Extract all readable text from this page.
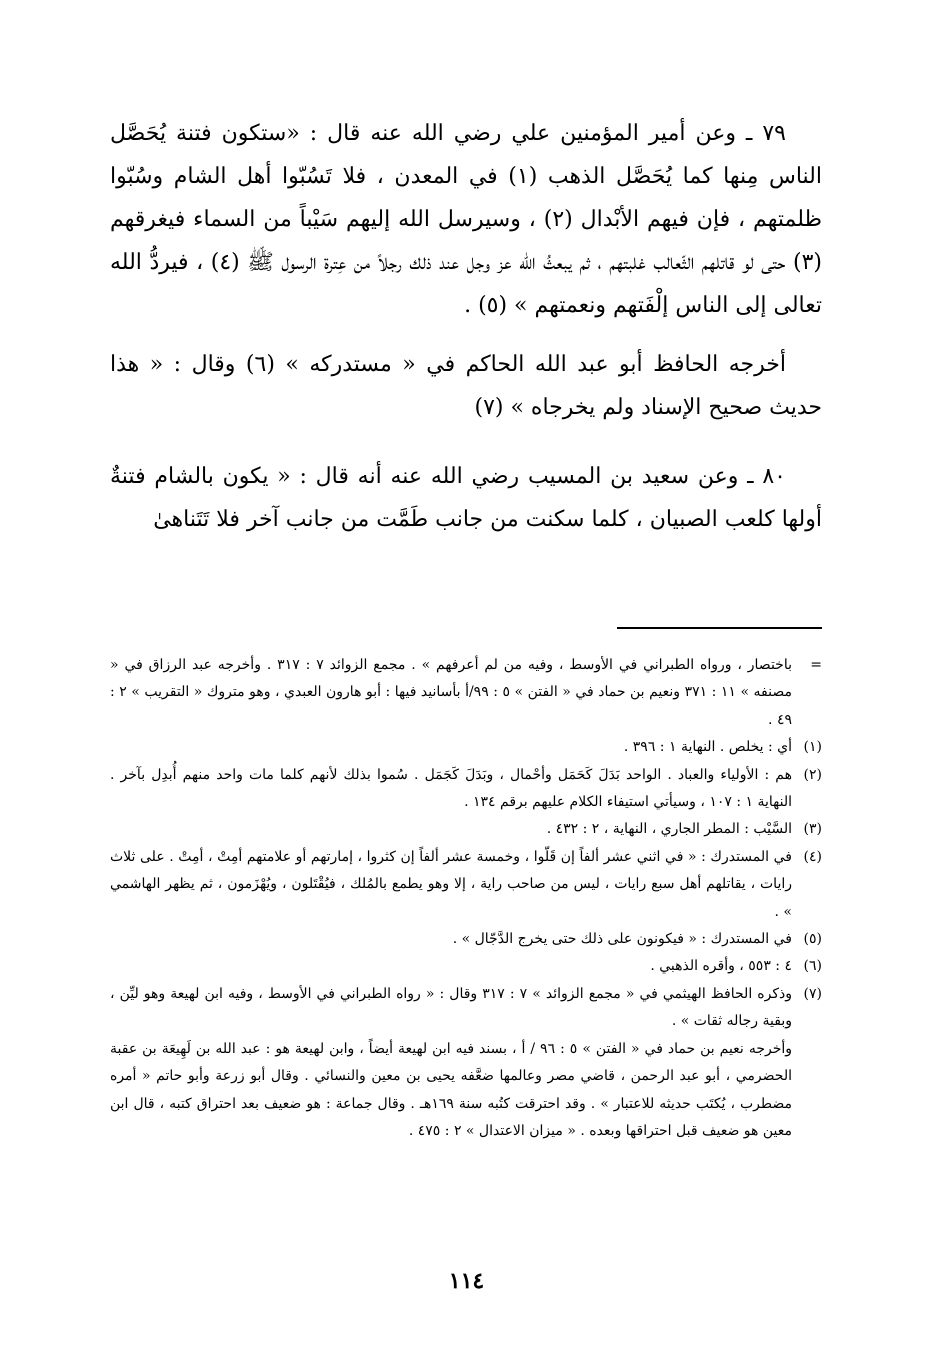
٧٩ ـ وعن أمير المؤمنين علي رضي الله عنه قال : «ستكون فتنة يُحَصَّل الناس مِنها كما يُحَصَّل الذهب (١) في المعدن ، فلا تَسُبّوا أهل الشام وسُبّوا ظلمتهم ، فإن فيهم الأبْدال (٢) ، وسيرسل الله إليهم سَيْباً من السماء فيغرقهم (٣) حتى لو قاتلهم الثّعالب غلبتهم ، ثم يبعثُ الله عز وجل عند ذلك رجلاً من عِترة الرسول ﷺ (٤) ، فيردُّ الله تعالى إلى الناس إلْفَتهم ونعمتهم » (٥) .

أخرجه الحافظ أبو عبد الله الحاكم في « مستدركه » (٦) وقال : « هذا حديث صحيح الإسناد ولم يخرجاه » (٧)

٨٠ ـ وعن سعيد بن المسيب رضي الله عنه أنه قال : « يكون بالشام فتنةٌ أولها كلعب الصبيان ، كلما سكنت من جانب طَمَّت من جانب آخر فلا تَتَناهىٰ

=
باختصار ، ورواه الطبراني في الأوسط ، وفيه من لم أعرفهم » . مجمع الزوائد ٧ : ٣١٧ . وأخرجه عبد الرزاق في « مصنفه » ١١ : ٣٧١ ونعيم بن حماد في « الفتن » ٥ : ٩٩/أ بأسانيد فيها : أبو هارون العبدي ، وهو متروك « التقريب » ٢ : ٤٩ .
(١)
أي : يخلص . النهاية ١ : ٣٩٦ .
(٢)
هم : الأولياء والعباد . الواحد بَدَلَ كَحَمَل وأحْمال ، وبَدَلَ كَجَمَل . سُموا بذلك لأنهم كلما مات واحد منهم أُبدِل بآخر . النهاية ١ : ١٠٧ ، وسيأتي استيفاء الكلام عليهم برقم ١٣٤ .
(٣)
السَّيْب : المطر الجاري ، النهاية ، ٢ : ٤٣٢ .
(٤)
في المستدرك : « في اثني عشر ألفاً إن قَلّوا ، وخمسة عشر ألفاً إن كثروا ، إمارتهم أو علامتهم أمِتْ ، أمِتْ . على ثلاث رايات ، يقاتلهم أهل سبع رايات ، ليس من صاحب راية ، إلا وهو يطمع بالمُلك ، فيُقْتَلون ، ويُهْزَمون ، ثم يظهر الهاشمي » .
(٥)
في المستدرك : « فيكونون على ذلك حتى يخرج الدَّجّال » .
(٦)
٤ : ٥٥٣ ، وأقره الذهبي .
(٧)
وذكره الحافظ الهيثمي في « مجمع الزوائد » ٧ : ٣١٧ وقال : « رواه الطبراني في الأوسط ، وفيه ابن لهيعة وهو ليِّن ، وبقية رجاله ثقات » .

وأخرجه نعيم بن حماد في « الفتن » ٥ : ٩٦ / أ ، بسند فيه ابن لهيعة أيضاً ، وابن لهيعة هو : عبد الله بن لَهِيعَة بن عقبة الحضرمي ، أبو عبد الرحمن ، قاضي مصر وعالمها ضعَّفه يحيى بن معين والنسائي . وقال أبو زرعة وأبو حاتم « أمره مضطرب ، يُكتَب حديثه للاعتبار » . وقد احترقت كتُبه سنة ١٦٩هـ . وقال جماعة : هو ضعيف بعد احتراق كتبه ، قال ابن معين هو ضعيف قبل احتراقها وبعده . « ميزان الاعتدال » ٢ : ٤٧٥ .

١١٤
